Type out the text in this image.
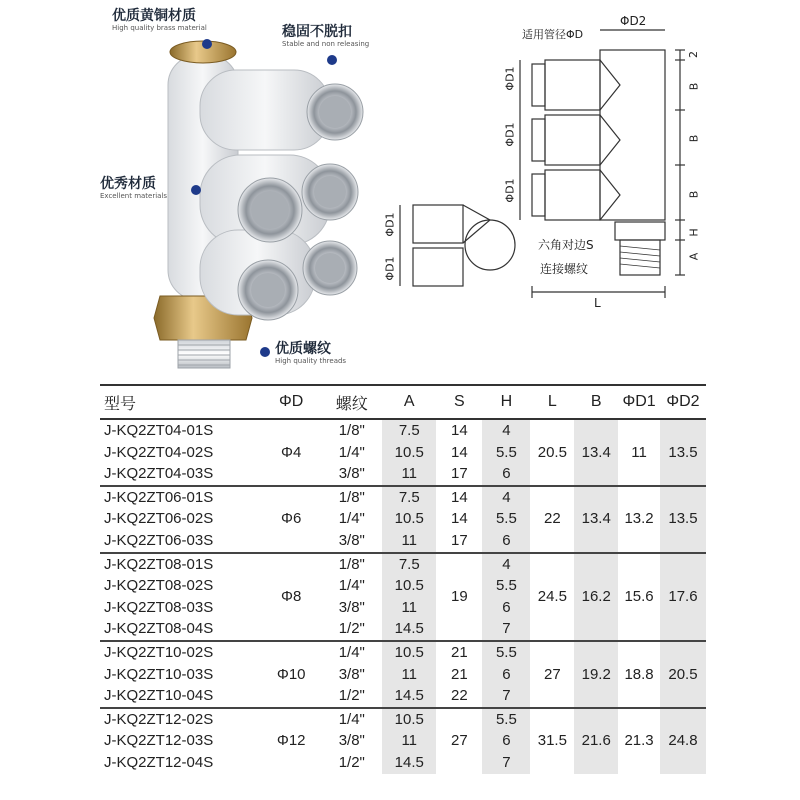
优质黄铜材质
High quality brass material	稳固不脱扣
Stable and non releasing
优秀材质
Excellent materials
优质螺纹
High quality threads
适用管径ΦD
ΦD2
ΦD1
ΦD1
ΦD1
ΦD1
ΦD1
2
B
B
B
H
A
L
六角对边S
连接螺纹
型号	ΦD	螺纹	A	S	H	L	B	ΦD1	ΦD2
J-KQ2ZT04-01S	Φ4	1/8"	7.5	14	4	20.5	13.4	11	13.5
J-KQ2ZT04-02S		1/4"	10.5	14	5.5				
J-KQ2ZT04-03S		3/8"	11	17	6				
J-KQ2ZT06-01S	Φ6	1/8"	7.5	14	4	22	13.4	13.2	13.5
J-KQ2ZT06-02S		1/4"	10.5	14	5.5				
J-KQ2ZT06-03S		3/8"	11	17	6				
J-KQ2ZT08-01S	Φ8	1/8"	7.5	19	4	24.5	16.2	15.6	17.6
J-KQ2ZT08-02S		1/4"	10.5		5.5				
J-KQ2ZT08-03S		3/8"	11		6				
J-KQ2ZT08-04S		1/2"	14.5		7				
J-KQ2ZT10-02S	Φ10	1/4"	10.5	21	5.5	27	19.2	18.8	20.5
J-KQ2ZT10-03S		3/8"	11	21	6				
J-KQ2ZT10-04S		1/2"	14.5	22	7				
J-KQ2ZT12-02S	Φ12	1/4"	10.5	27	5.5	31.5	21.6	21.3	24.8
J-KQ2ZT12-03S		3/8"	11		6				
J-KQ2ZT12-04S		1/2"	14.5		7				
